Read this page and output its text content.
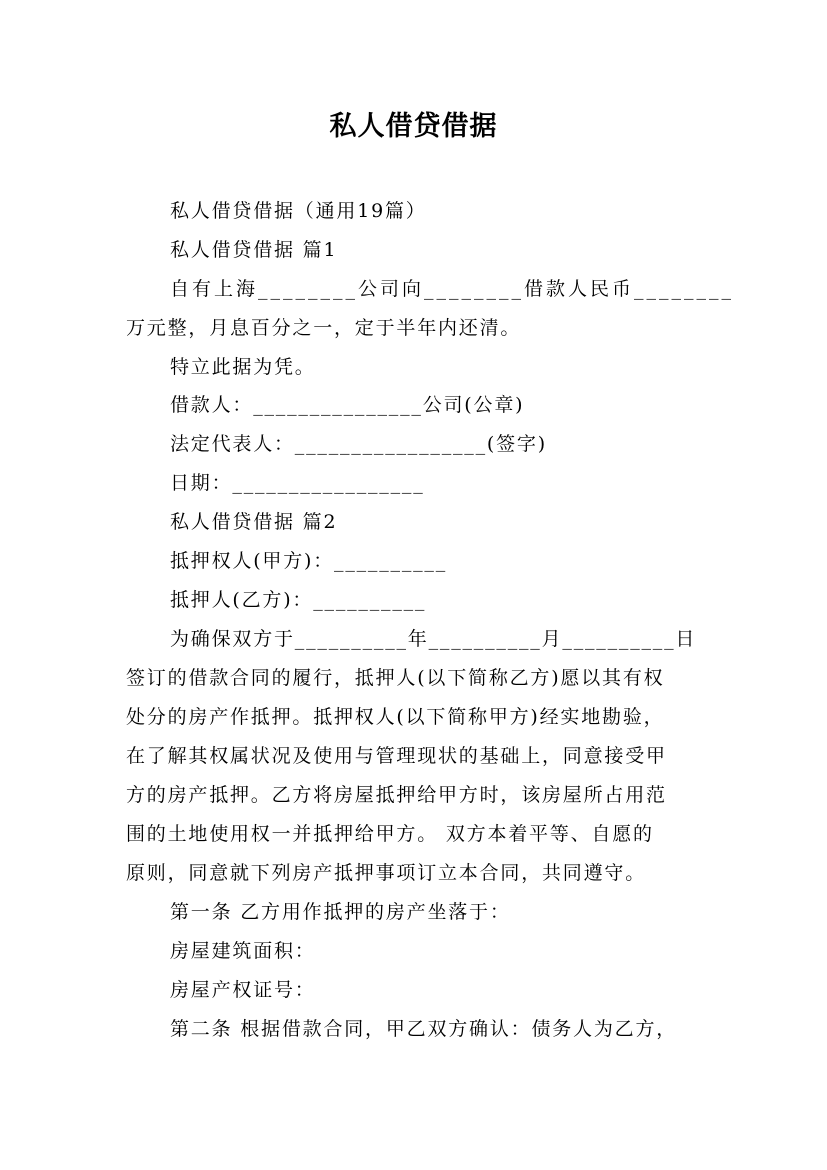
私人借贷借据
私人借贷借据（通用19篇）
私人借贷借据 篇1
自有上海________公司向________借款人民币________
万元整，月息百分之一，定于半年内还清。
特立此据为凭。
借款人：_______________公司(公章)
法定代表人：_________________(签字)
日期：_________________
私人借贷借据 篇2
抵押权人(甲方)：__________
抵押人(乙方)：__________
为确保双方于__________年__________月__________日
签订的借款合同的履行，抵押人(以下简称乙方)愿以其有权
处分的房产作抵押。抵押权人(以下简称甲方)经实地勘验，
在了解其权属状况及使用与管理现状的基础上，同意接受甲
方的房产抵押。乙方将房屋抵押给甲方时，该房屋所占用范
围的土地使用权一并抵押给甲方。 双方本着平等、自愿的
原则，同意就下列房产抵押事项订立本合同，共同遵守。
第一条 乙方用作抵押的房产坐落于：
房屋建筑面积：
房屋产权证号：
第二条 根据借款合同，甲乙双方确认：债务人为乙方，
